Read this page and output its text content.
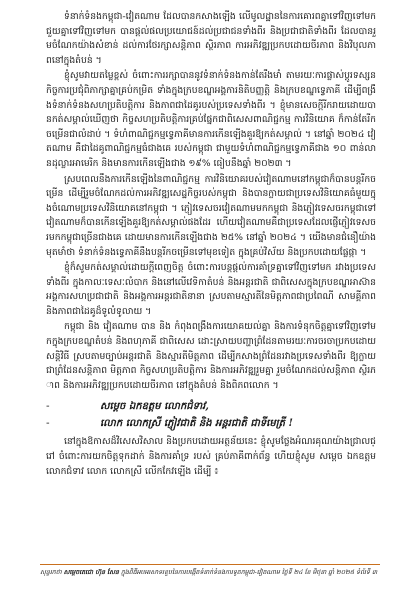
ទំនាក់ទំនងកម្ពុជា-វៀតណាម ដែលបានកសាងឡើង លើមូលដ្ឋាននៃការគោរពគ្នាទៅវិញទៅមក ជួយគ្នាទៅវិញទៅមក បានផ្ដល់ផលប្រយោជន៍ដល់ប្រជាជនទាំងពីរ និងប្រជាជាតិទាំងពីរ ដែលបានរួមចំណែកយ៉ាងសំខាន់ ដល់ការថែរក្សាសន្តិភាព ស្ថិរភាព ការអភិវឌ្ឍប្រកបដោយចីរភាព និងវិបុលភាពនៅក្នុងតំបន់ ។

ខ្ញុំសូមវាយតម្លៃខ្ពស់ ចំពោះការរក្សាបាននូវទំនាក់ទំនងកាន់តែរឹងមាំ តាមរយៈការផ្លាស់ប្ដូរទស្សនកិច្ចការប្រជុំពិភាក្សាគ្នាគ្រប់កម្រិត ទាំងក្នុងក្របខណ្ឌអង្គការនិតិបញ្ញត្តិ និងក្របខណ្ឌទ្វេភាគី ដើម្បីពង្រឹងទំនាក់ទំនងសហប្រតិបត្តិការ និងភាពជាដៃគូរបស់ប្រទេសទាំងពីរ ។ ខ្ញុំមានសេចក្ដីរីករាយដោយបានកត់សម្គាល់ឃើញថា កិច្ចសហប្រតិបត្តិការគ្រប់ផ្នែកជាពិសេសពាណិជ្ជកម្ម ការវិនិយោគ ក៏កាន់តែរីកចម្រើនជាលំដាប់ ។ ទំហំពាណិជ្ជកម្មទ្វេភាគីមានការកើនឡើងគួរឱ្យកត់សម្គាល់ ។ នៅឆ្នាំ ២០២៤ វៀតណាម គឺជាដៃគូពាណិជ្ជកម្មធំជាងគេ របស់កម្ពុជា ជាមួយទំហំពាណិជ្ជកម្មទ្វេភាគីជាង ១០ ពាន់លានដុល្លារអាមេរិក និងមានការកើនឡើងជាង ១៩% ធៀបនឹងឆ្នាំ ២០២៣ ។

ស្របពេលនឹងការកើនឡើងនៃពាណិជ្ជកម្ម ការវិនិយោគរបស់វៀតណាមនៅកម្ពុជាក៏បានបន្តរីកចម្រើន ដើម្បីរួមចំណែកដល់ការអភិវឌ្ឍសេដ្ឋកិច្ចរបស់កម្ពុជា និងបានក្លាយជាប្រទេសវិនិយោគធំមួយក្នុងចំណោមប្រទេសវិនិយោគនៅកម្ពុជា ។ ភ្ញៀវទេសចរវៀតណាមមកកម្ពុជា និងភ្ញៀវទេសចរកម្ពុជាទៅវៀតណាមក៏បានកើនឡើងគួរឱ្យកត់សម្គាល់ផងដែរ ហើយវៀតណាមគឺជាប្រទេសដែលផ្ញើភ្ញៀវទេសចរមកកម្ពុជាច្រើនជាងគេ ដោយមានការកើនឡើងជាង ២៥% នៅឆ្នាំ ២០២៤ ។ យើងមានជំនឿយ៉ាងមុតមាំថា ទំនាក់ទំនងទ្វេភាគីនឹងបន្តរីកចម្រើនទៅមុខទៀត ក្នុងគ្រប់វិស័យ និងប្រកបដោយផ្លែផ្កា ។

ខ្ញុំក៏សូមកត់សម្គាល់ដោយក្ដីពេញចិត្ត ចំពោះការបន្តផ្ដល់ការគាំទ្រគ្នាទៅវិញទៅមក រវាងប្រទេសទាំងពីរ ក្នុងកាលៈទេសៈលំបាក និងនៅលើវេទិកាតំបន់ និងអន្តរជាតិ ជាពិសេសក្នុងក្របខណ្ឌអាស៊ាន អង្គការសហប្រជាជាតិ និងអង្គការអន្តរជាតិនានា ស្របតាមស្មារតីនៃមិត្តភាពជាប្រពៃណី សាមគ្គីភាព និងភាពជាដៃគូដ៏ទូលំទូលាយ ។

កម្ពុជា និង វៀតណាម បាន និង កំពុងពង្រឹងការយោគយល់គ្នា និងការទំនុកចិត្តគ្នាទៅវិញទៅមកក្នុងក្របខណ្ឌតំបន់ និងពហុភាគី ជាពិសេស ដោះស្រាយបញ្ហាព្រំដែនតាមរយៈការចរចាប្រកបដោយសន្តិវិធី ស្របតាមច្បាប់អន្តរជាតិ និងស្មារតីមិត្តភាព ដើម្បីកសាងព្រំដែនរវាងប្រទេសទាំងពីរ ឱ្យក្លាយជាព្រំដែនសន្តិភាព មិត្តភាព កិច្ចសហប្រតិបត្តិការ និងការអភិវឌ្ឍរួមគ្នា រួមចំណែកដល់សន្តិភាព ស្ថិរភាព និងការអភិវឌ្ឍប្រកបដោយចីរភាព នៅក្នុងតំបន់ និងពិភពលោក ។

-	សម្ដេច ឯកឧត្ដម លោកជំទាវ,
-	លោក លោកស្រី ភ្ញៀវជាតិ និង អន្តរជាតិ ជាទីមេត្រី !

នៅក្នុងឱកាសដ៏វិសេសវិសាល និងប្រកបដោយអត្ថន័យនេះ ខ្ញុំសូមថ្លែងអំណរគុណយ៉ាងជ្រាលជ្រៅ ចំពោះការយកចិត្តទុកដាក់ និងការគាំទ្រ របស់ គ្រប់ភាគីពាក់ព័ន្ធ ហើយខ្ញុំសូម សម្ដេច ឯកឧត្ដម លោកជំទាវ លោក លោកស្រី លើកកែវឡើង ដើម្បី ៖

សុន្ទរកថា សម្ដេចតេជោ ហ៊ុន សែន ក្នុងពិធីអបអរសាទរខួបនៃការបង្កើតទំនាក់ទំនងការទូតកម្ពុជា-វៀតណាម ថ្ងៃទី ២៤ ខែ មិថុនា ឆ្នាំ ២០២៥ ទំព័រទី ៣
